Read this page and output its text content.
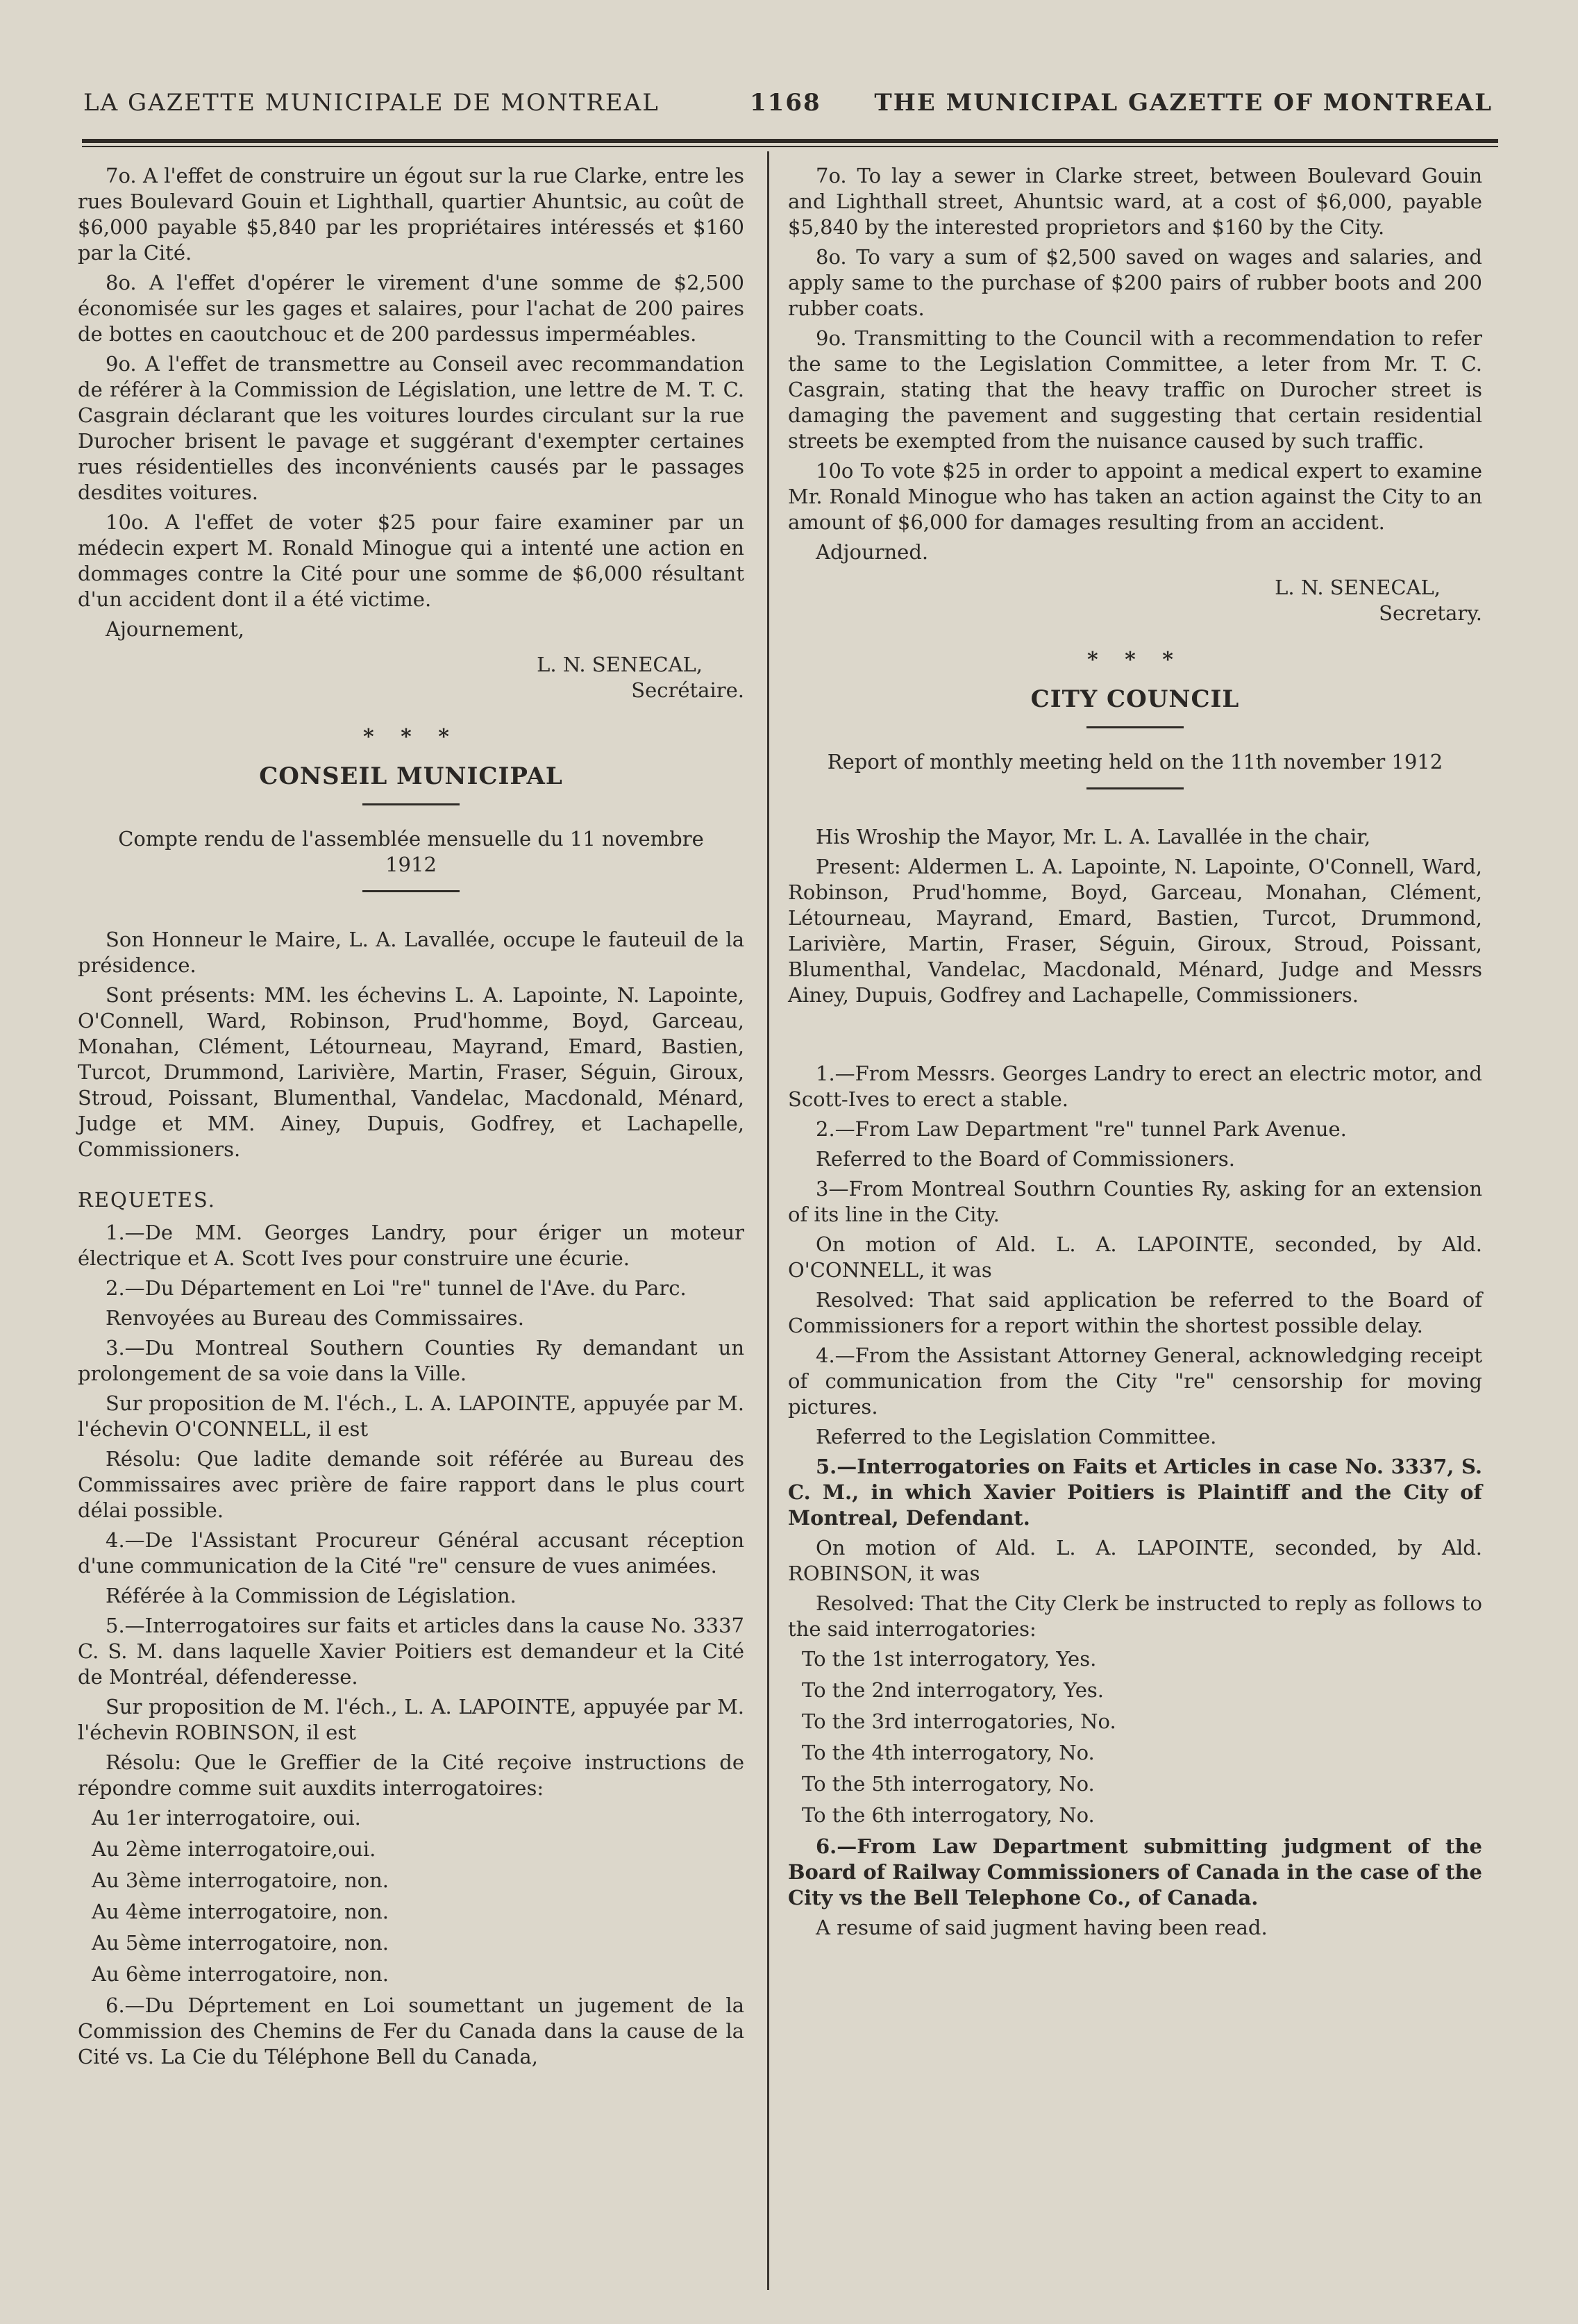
LA GAZETTE MUNICIPALE DE MONTREAL	1168 THE MUNICIPAL GAZETTE OF MONTREAL

7o. A l'effet de construire un égout sur la rue Clarke, entre les rues Boulevard Gouin et Lighthall, quartier Ahuntsic, au coût de $6,000 payable $5,840 par les propriétaires intéressés et $160 par la Cité.

8o. A l'effet d'opérer le virement d'une somme de $2,500 économisée sur les gages et salaires, pour l'achat de 200 paires de bottes en caoutchouc et de 200 pardessus imperméables.

9o. A l'effet de transmettre au Conseil avec recommandation de référer à la Commission de Législation, une lettre de M. T. C. Casgrain déclarant que les voitures lourdes circulant sur la rue Durocher brisent le pavage et suggérant d'exempter certaines rues résidentielles des inconvénients causés par le passages desdites voitures.

10o. A l'effet de voter $25 pour faire examiner par un médecin expert M. Ronald Minogue qui a intenté une action en dommages contre la Cité pour une somme de $6,000 résultant d'un accident dont il a été victime.

Ajournement,

L. N. SENECAL,
Secrétaire.
* * *
CONSEIL MUNICIPAL
Compte rendu de l'assemblée mensuelle du 11 novembre 1912

Son Honneur le Maire, L. A. Lavallée, occupe le fauteuil de la présidence.

Sont présents: MM. les échevins L. A. Lapointe, N. Lapointe, O'Connell, Ward, Robinson, Prud'homme, Boyd, Garceau, Monahan, Clément, Létourneau, Mayrand, Emard, Bastien, Turcot, Drummond, Larivière, Martin, Fraser, Séguin, Giroux, Stroud, Poissant, Blumenthal, Vandelac, Macdonald, Ménard, Judge et MM. Ainey, Dupuis, Godfrey, et Lachapelle, Commissioners.

REQUETES.

1.—De MM. Georges Landry, pour ériger un moteur électrique et A. Scott Ives pour construire une écurie.

2.—Du Département en Loi "re" tunnel de l'Ave. du Parc.

Renvoyées au Bureau des Commissaires.

3.—Du Montreal Southern Counties Ry demandant un prolongement de sa voie dans la Ville.

Sur proposition de M. l'éch., L. A. LAPOINTE, appuyée par M. l'échevin O'CONNELL, il est

Résolu: Que ladite demande soit référée au Bureau des Commissaires avec prière de faire rapport dans le plus court délai possible.

4.—De l'Assistant Procureur Général accusant réception d'une communication de la Cité "re" censure de vues animées.

Référée à la Commission de Législation.

5.—Interrogatoires sur faits et articles dans la cause No. 3337 C. S. M. dans laquelle Xavier Poitiers est demandeur et la Cité de Montréal, défenderesse.

Sur proposition de M. l'éch., L. A. LAPOINTE, appuyée par M. l'échevin ROBINSON, il est

Résolu: Que le Greffier de la Cité reçoive instructions de répondre comme suit auxdits interrogatoires:

Au 1er interrogatoire, oui.

Au 2ème interrogatoire,oui.

Au 3ème interrogatoire, non.

Au 4ème interrogatoire, non.

Au 5ème interrogatoire, non.

Au 6ème interrogatoire, non.

6.—Du Déprtement en Loi soumettant un jugement de la Commission des Chemins de Fer du Canada dans la cause de la Cité vs. La Cie du Téléphone Bell du Canada,

7o. To lay a sewer in Clarke street, between Boulevard Gouin and Lighthall street, Ahuntsic ward, at a cost of $6,000, payable $5,840 by the interested proprietors and $160 by the City.

8o. To vary a sum of $2,500 saved on wages and salaries, and apply same to the purchase of $200 pairs of rubber boots and 200 rubber coats.

9o. Transmitting to the Council with a recommendation to refer the same to the Legislation Committee, a leter from Mr. T. C. Casgrain, stating that the heavy traffic on Durocher street is damaging the pavement and suggesting that certain residential streets be exempted from the nuisance caused by such traffic.

10o To vote $25 in order to appoint a medical expert to examine Mr. Ronald Minogue who has taken an action against the City to an amount of $6,000 for damages resulting from an accident.

Adjourned.

L. N. SENECAL,
Secretary.
* * *
CITY COUNCIL
Report of monthly meeting held on the 11th november 1912

His Wroship the Mayor, Mr. L. A. Lavallée in the chair,

Present: Aldermen L. A. Lapointe, N. Lapointe, O'Connell, Ward, Robinson, Prud'homme, Boyd, Garceau, Monahan, Clément, Létourneau, Mayrand, Emard, Bastien, Turcot, Drummond, Larivière, Martin, Fraser, Séguin, Giroux, Stroud, Poissant, Blumenthal, Vandelac, Macdonald, Ménard, Judge and Messrs Ainey, Dupuis, Godfrey and Lachapelle, Commissioners.

1.—From Messrs. Georges Landry to erect an electric motor, and Scott-Ives to erect a stable.

2.—From Law Department "re" tunnel Park Avenue.

Referred to the Board of Commissioners.

3—From Montreal Southrn Counties Ry, asking for an extension of its line in the City.

On motion of Ald. L. A. LAPOINTE, seconded, by Ald. O'CONNELL, it was

Resolved: That said application be referred to the Board of Commissioners for a report within the shortest possible delay.

4.—From the Assistant Attorney General, acknowledging receipt of communication from the City "re" censorship for moving pictures.

Referred to the Legislation Committee.

5.—Interrogatories on Faits et Articles in case No. 3337, S. C. M., in which Xavier Poitiers is Plaintiff and the City of Montreal, Defendant.

On motion of Ald. L. A. LAPOINTE, seconded, by Ald. ROBINSON, it was

Resolved: That the City Clerk be instructed to reply as follows to the said interrogatories:

To the 1st interrogatory, Yes.

To the 2nd interrogatory, Yes.

To the 3rd interrogatories, No.

To the 4th interrogatory, No.

To the 5th interrogatory, No.

To the 6th interrogatory, No.

6.—From Law Department submitting judgment of the Board of Railway Commissioners of Canada in the case of the City vs the Bell Telephone Co., of Canada.

A resume of said jugment having been read.
